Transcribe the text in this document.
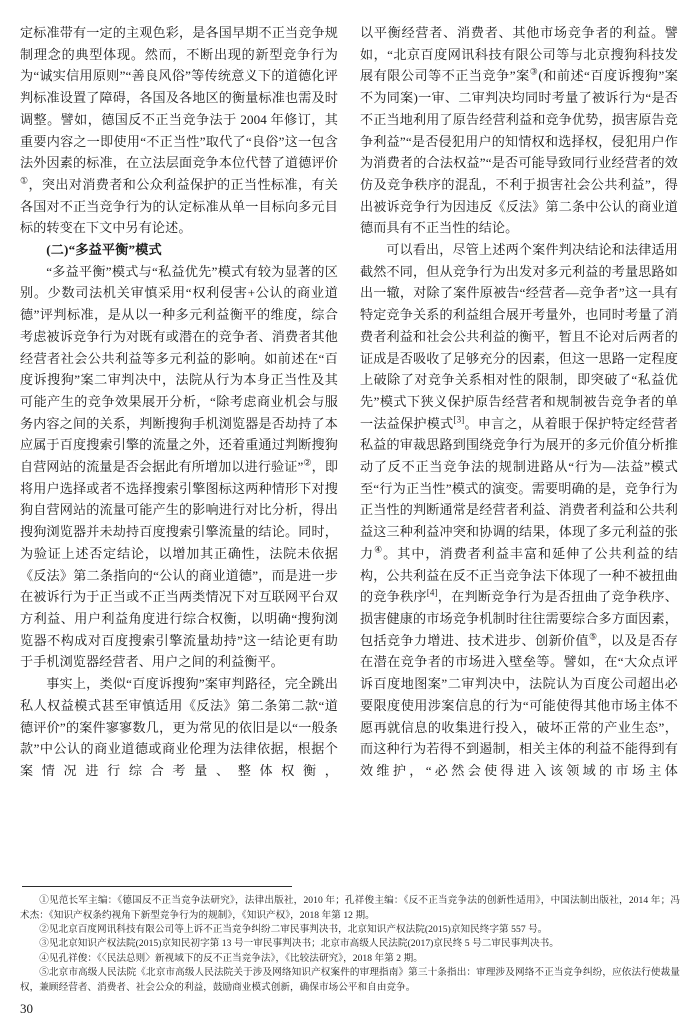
定标准带有一定的主观色彩，是各国早期不正当竞争规制理念的典型体现。然而，不断出现的新型竞争行为为“诚实信用原则”“善良风俗”等传统意义下的道德化评判标准设置了障碍，各国及各地区的衡量标准也需及时调整。譬如，德国反不正当竞争法于 2004 年修订，其重要内容之一即使用“不正当性”取代了“良俗”这一包含法外因素的标准，在立法层面竞争本位代替了道德评价①，突出对消费者和公众利益保护的正当性标准，有关各国对不正当竞争行为的认定标准从单一目标向多元目标的转变在下文中另有论述。

(二)“多益平衡”模式

“多益平衡”模式与“私益优先”模式有较为显著的区别。少数司法机关审慎采用“权利侵害+公认的商业道德”评判标准，是从以一种多元利益衡平的维度，综合考虑被诉竞争行为对既有或潜在的竞争者、消费者其他经营者社会公共利益等多元利益的影响。如前述在“百度诉搜狗”案二审判决中，法院从行为本身正当性及其可能产生的竞争效果展开分析，“除考虑商业机会与服务内容之间的关系，判断搜狗手机浏览器是否劫持了本应属于百度搜索引擎的流量之外，还着重通过判断搜狗自营网站的流量是否会据此有所增加以进行验证”②，即将用户选择或者不选择搜索引擎图标这两种情形下对搜狗自营网站的流量可能产生的影响进行对比分析，得出搜狗浏览器并未劫持百度搜索引擎流量的结论。同时，为验证上述否定结论，以增加其正确性，法院未依据《反法》第二条指向的“公认的商业道德”，而是进一步在被诉行为于正当或不正当两类情况下对互联网平台双方利益、用户利益角度进行综合权衡，以明确“搜狗浏览器不构成对百度搜索引擎流量劫持”这一结论更有助于手机浏览器经营者、用户之间的利益衡平。

事实上，类似“百度诉搜狗”案审判路径，完全跳出私人权益模式甚至审慎适用《反法》第二条第二款“道德评价”的案件寥寥数几，更为常见的依旧是以“一般条款”中公认的商业道德或商业伦理为法律依据，根据个案情况进行综合考量、整体权衡，

以平衡经营者、消费者、其他市场竞争者的利益。譬如，“北京百度网讯科技有限公司等与北京搜狗科技发展有限公司等不正当竞争”案③(和前述“百度诉搜狗”案不为同案)一审、二审判决均同时考量了被诉行为“是否不正当地利用了原告经营利益和竞争优势，损害原告竞争利益”“是否侵犯用户的知情权和选择权，侵犯用户作为消费者的合法权益”“是否可能导致同行业经营者的效仿及竞争秩序的混乱，不利于损害社会公共利益”，得出被诉竞争行为因违反《反法》第二条中公认的商业道德而具有不正当性的结论。

可以看出，尽管上述两个案件判决结论和法律适用截然不同，但从竞争行为出发对多元利益的考量思路如出一辙，对除了案件原被告“经营者—竞争者”这一具有特定竞争关系的利益组合展开考量外，也同时考量了消费者利益和社会公共利益的衡平，暂且不论对后两者的证成是否吸收了足够充分的因素，但这一思路一定程度上破除了对竞争关系相对性的限制，即突破了“私益优先”模式下狭义保护原告经营者和规制被告竞争者的单一法益保护模式[3]。申言之，从着眼于保护特定经营者私益的审裁思路到围绕竞争行为展开的多元价值分析推动了反不正当竞争法的规制进路从“行为—法益”模式至“行为正当性”模式的演变。需要明确的是，竞争行为正当性的判断通常是经营者利益、消费者利益和公共利益这三种利益冲突和协调的结果，体现了多元利益的张力④。其中，消费者利益丰富和延伸了公共利益的结构，公共利益在反不正当竞争法下体现了一种不被扭曲的竞争秩序[4]，在判断竞争行为是否扭曲了竞争秩序、损害健康的市场竞争机制时往往需要综合多方面因素，包括竞争力增进、技术进步、创新价值⑤，以及是否存在潜在竞争者的市场进入壁垒等。譬如，在“大众点评诉百度地图案”二审判决中，法院认为百度公司超出必要限度使用涉案信息的行为“可能使得其他市场主体不愿再就信息的收集进行投入，破坏正常的产业生态”，而这种行为若得不到遏制，相关主体的利益不能得到有效维护，“必然会使得进入该领域的市场主体

①见范长军主编：《德国反不正当竞争法研究》，法律出版社，2010 年；孔祥俊主编：《反不正当竞争法的创新性适用》，中国法制出版社，2014 年；冯术杰：《知识产权条约视角下新型竞争行为的规制》，《知识产权》，2018 年第 12 期。

②见北京百度网讯科技有限公司等上诉不正当竞争纠纷二审民事判决书，北京知识产权法院(2015)京知民终字第 557 号。

③见北京知识产权法院(2015)京知民初字第 13 号一审民事判决书；北京市高级人民法院(2017)京民终 5 号二审民事判决书。

④见孔祥俊：《〈民法总则〉新视域下的反不正当竞争法》，《比较法研究》，2018 年第 2 期。

⑤北京市高级人民法院《北京市高级人民法院关于涉及网络知识产权案件的审理指南》第三十条指出：审理涉及网络不正当竞争纠纷，应依法行使裁量权，兼顾经营者、消费者、社会公众的利益，鼓励商业模式创新，确保市场公平和自由竞争。

30
